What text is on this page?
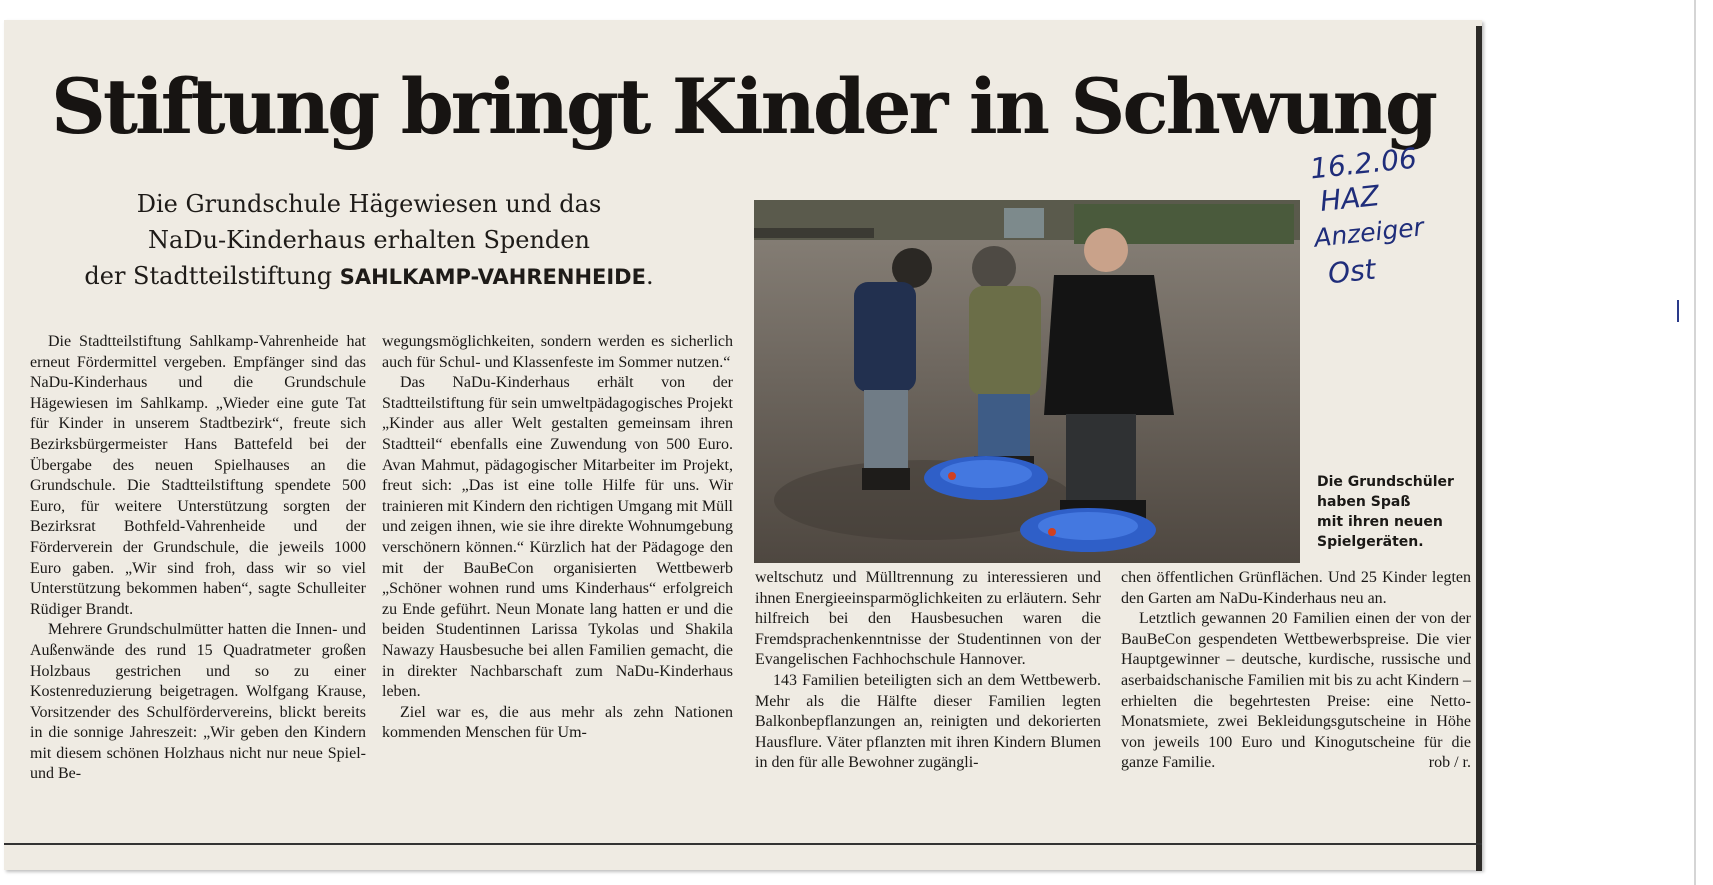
Stiftung bringt Kinder in Schwung
Die Grundschule Hägewiesen und das
NaDu-Kinderhaus erhalten Spenden
der Stadtteilstiftung SAHLKAMP-VAHRENHEIDE.

Die Stadtteilstiftung Sahlkamp-Vahrenheide hat erneut Fördermittel vergeben. Empfänger sind das NaDu-Kinderhaus und die Grundschule Hägewiesen im Sahlkamp. „Wieder eine gute Tat für Kinder in unserem Stadtbezirk“, freute sich Bezirksbürgermeister Hans Battefeld bei der Übergabe des neuen Spielhauses an die Grundschule. Die Stadtteilstiftung spendete 500 Euro, für weitere Unterstützung sorgten der Bezirksrat Bothfeld-Vahrenheide und der Förderverein der Grundschule, die jeweils 1000 Euro gaben. „Wir sind froh, dass wir so viel Unterstützung bekommen haben“, sagte Schulleiter Rüdiger Brandt.

Mehrere Grundschulmütter hatten die Innen- und Außenwände des rund 15 Quadratmeter großen Holzbaus gestrichen und so zu einer Kostenreduzierung beigetragen. Wolfgang Krause, Vorsitzender des Schulfördervereins, blickt bereits in die sonnige Jahreszeit: „Wir geben den Kindern mit diesem schönen Holzhaus nicht nur neue Spiel- und Be-

wegungsmöglichkeiten, sondern werden es sicherlich auch für Schul- und Klassenfeste im Sommer nutzen.“

Das NaDu-Kinderhaus erhält von der Stadtteilstiftung für sein umweltpädagogisches Projekt „Kinder aus aller Welt gestalten gemeinsam ihren Stadtteil“ ebenfalls eine Zuwendung von 500 Euro. Avan Mahmut, pädagogischer Mitarbeiter im Projekt, freut sich: „Das ist eine tolle Hilfe für uns. Wir trainieren mit Kindern den richtigen Umgang mit Müll und zeigen ihnen, wie sie ihre direkte Wohnumgebung verschönern können.“ Kürzlich hat der Pädagoge den mit der BauBeCon organisierten Wettbewerb „Schöner wohnen rund ums Kinderhaus“ erfolgreich zu Ende geführt. Neun Monate lang hatten er und die beiden Studentinnen Larissa Tykolas und Shakila Nawazy Hausbesuche bei allen Familien gemacht, die in direkter Nachbarschaft zum NaDu-Kinderhaus leben.

Ziel war es, die aus mehr als zehn Nationen kommenden Menschen für Um-

weltschutz und Mülltrennung zu interessieren und ihnen Energieeinsparmöglichkeiten zu erläutern. Sehr hilfreich bei den Hausbesuchen waren die Fremdsprachenkenntnisse der Studentinnen von der Evangelischen Fachhochschule Hannover.

143 Familien beteiligten sich an dem Wettbewerb. Mehr als die Hälfte dieser Familien legten Balkonbepflanzungen an, reinigten und dekorierten Hausflure. Väter pflanzten mit ihren Kindern Blumen in den für alle Bewohner zugängli-

chen öffentlichen Grünflächen. Und 25 Kinder legten den Garten am NaDu-Kinderhaus neu an.

Letztlich gewannen 20 Familien einen der von der BauBeCon gespendeten Wettbewerbspreise. Die vier Hauptgewinner – deutsche, kurdische, russische und aserbaidschanische Familien mit bis zu acht Kindern – erhielten die begehrtesten Preise: eine Netto-Monatsmiete, zwei Bekleidungsgutscheine in Höhe von jeweils 100 Euro und Kinogutscheine für die ganze Familie.	rob / r.

Die Grundschüler
haben Spaß
mit ihren neuen
Spielgeräten.
16.2.06
HAZ
Anzeiger
Ost
